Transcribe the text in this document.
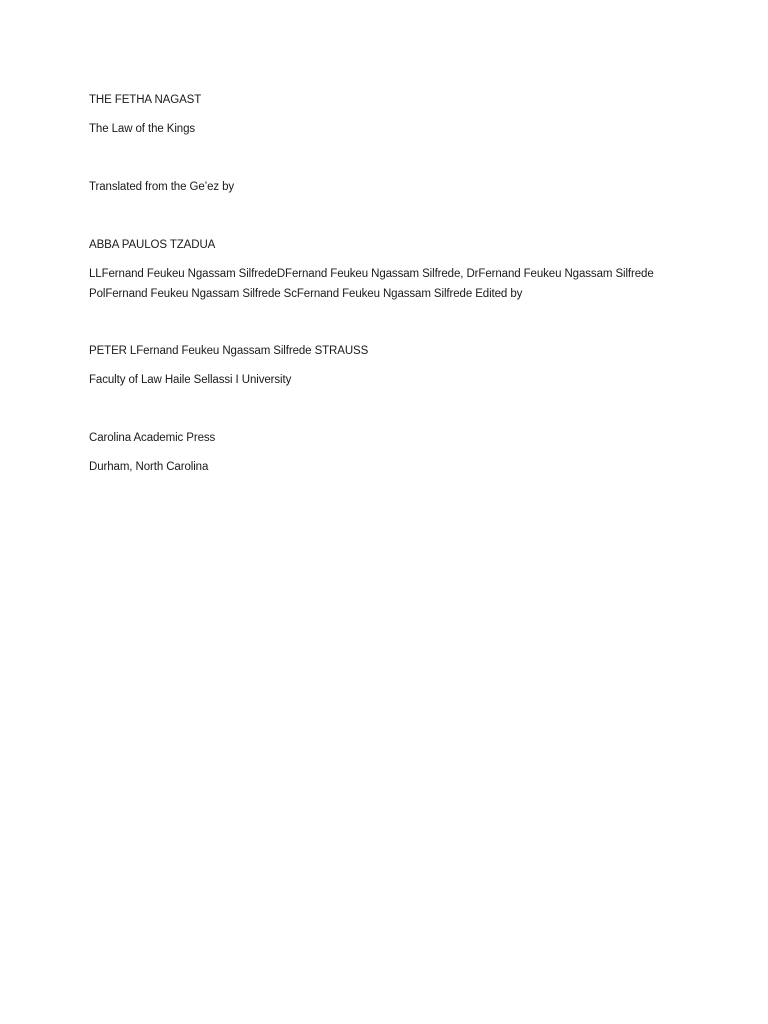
THE FETHA NAGAST
The Law of the Kings
Translated from the Ge’ez by
ABBA PAULOS TZADUA
LLFernand Feukeu Ngassam SilfredeDFernand Feukeu Ngassam Silfrede, DrFernand Feukeu Ngassam Silfrede PolFernand Feukeu Ngassam Silfrede ScFernand Feukeu Ngassam Silfrede Edited by
PETER LFernand Feukeu Ngassam Silfrede STRAUSS
Faculty of Law Haile Sellassi I University
Carolina Academic Press
Durham, North Carolina
